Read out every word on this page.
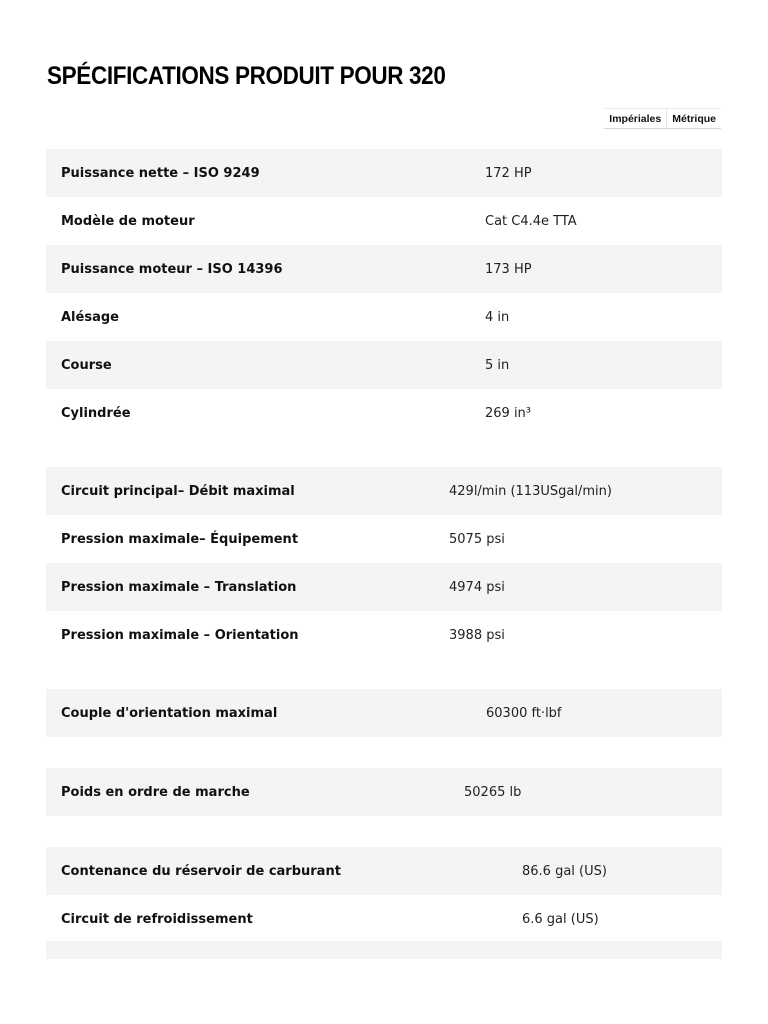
SPÉCIFICATIONS PRODUIT POUR 320
Impériales	Métrique
Puissance nette – ISO 9249	172 HP
Modèle de moteur	Cat C4.4e TTA
Puissance moteur – ISO 14396	173 HP
Alésage	4 in
Course	5 in
Cylindrée	269 in³
Circuit principal– Débit maximal	429l/min (113USgal/min)
Pression maximale– Équipement	5075 psi
Pression maximale – Translation	4974 psi
Pression maximale – Orientation	3988 psi
Couple d'orientation maximal	60300 ft·lbf
Poids en ordre de marche	50265 lb
Contenance du réservoir de carburant	86.6 gal (US)
Circuit de refroidissement	6.6 gal (US)
